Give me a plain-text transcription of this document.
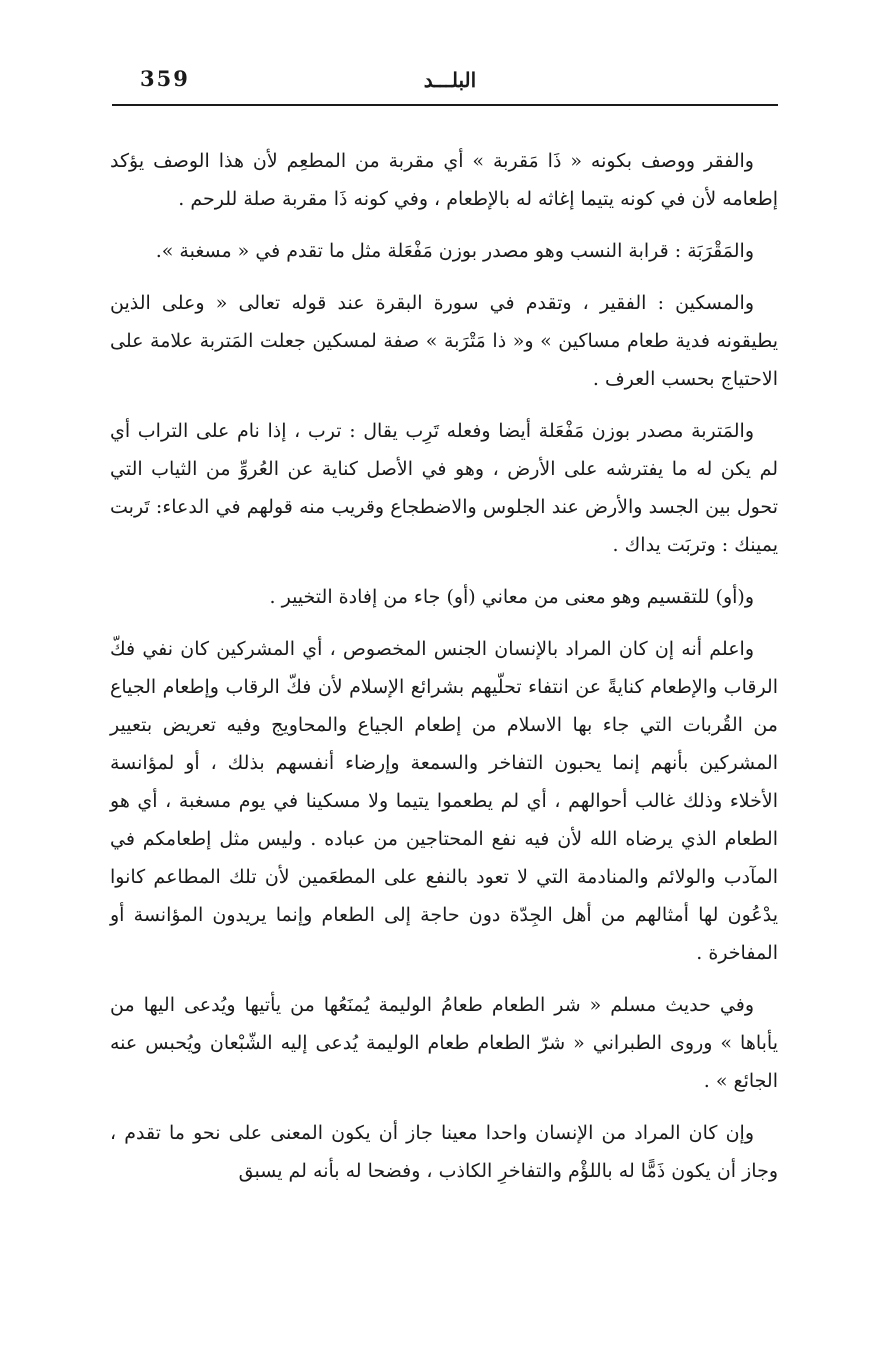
359	البلـــد

والفقر ووصف بكونه « ذَا مَقربة » أي مقربة من المطعِم لأن هذا الوصف يؤكد إطعامه لأن في كونه يتيما إغاثه له بالإطعام ، وفي كونه ذَا مقربة صلة للرحم .

والمَقْرَبَة : قرابة النسب وهو مصدر بوزن مَفْعَلة مثل ما تقدم في « مسغبة ».

والمسكين : الفقير ، وتقدم في سورة البقرة عند قوله تعالى « وعلى الذين يطيقونه فدية طعام مساكين » و« ذا مَتْرَبة » صفة لمسكين جعلت المَتربة علامة على الاحتياج بحسب العرف .

والمَتربة مصدر بوزن مَفْعَلة أيضا وفعله تَرِب يقال : ترب ، إذا نام على التراب أي لم يكن له ما يفترشه على الأرض ، وهو في الأصل كناية عن العُروِّ من الثياب التي تحول بين الجسد والأرض عند الجلوس والاضطجاع وقريب منه قولهم في الدعاء: تَربت يمينك : وتربَت يداك .

و(أو) للتقسيم وهو معنى من معاني (أو) جاء من إفادة التخيير .

واعلم أنه إن كان المراد بالإنسان الجنس المخصوص ، أي المشركين كان نفي فكّ الرقاب والإطعام كنايةً عن انتفاء تحلّيهم بشرائع الإسلام لأن فكّ الرقاب وإطعام الجياع من القُربات التي جاء بها الاسلام من إطعام الجياع والمحاويج وفيه تعريض بتعيير المشركين بأنهم إنما يحبون التفاخر والسمعة وإرضاء أنفسهم بذلك ، أو لمؤانسة الأخلاء وذلك غالب أحوالهم ، أي لم يطعموا يتيما ولا مسكينا في يوم مسغبة ، أي هو الطعام الذي يرضاه الله لأن فيه نفع المحتاجين من عباده . وليس مثل إطعامكم في المآدب والولائم والمنادمة التي لا تعود بالنفع على المطعَمين لأن تلك المطاعم كانوا يدْعُون لها أمثالهم من أهل الجِدّة دون حاجة إلى الطعام وإنما يريدون المؤانسة أو المفاخرة .

وفي حديث مسلم « شر الطعام طعامُ الوليمة يُمنَعُها من يأتيها ويُدعى اليها من يأباها » وروى الطبراني « شرّ الطعام طعام الوليمة يُدعى إليه الشّبْعان ويُحبس عنه الجائع » .

وإن كان المراد من الإنسان واحدا معينا جاز أن يكون المعنى على نحو ما تقدم ، وجاز أن يكون ذَمًّا له باللؤْم والتفاخرِ الكاذب ، وفضحا له بأنه لم يسبق
